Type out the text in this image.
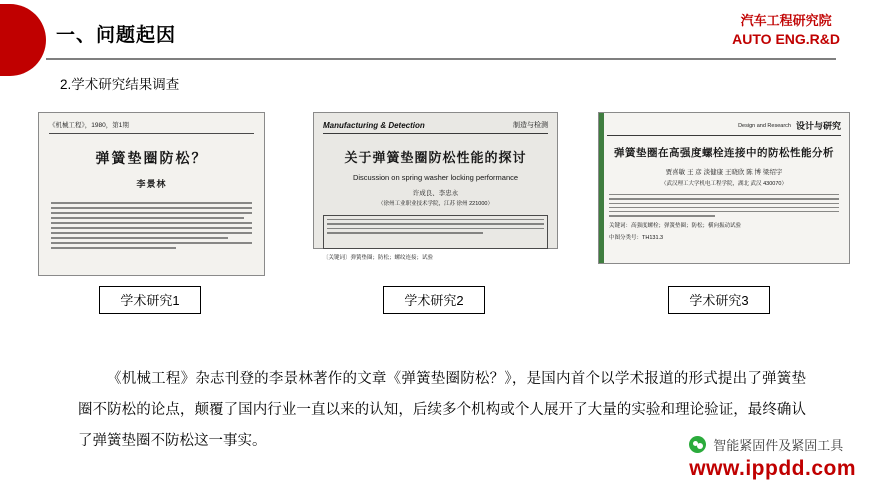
一、问题起因
汽车工程研究院
AUTO ENG.R&D
2.学术研究结果调查
《机械工程》，1980，第1期
弹簧垫圈防松？
李景林
Manufacturing & Detection	制造与检测
关于弹簧垫圈防松性能的探讨
Discussion on spring washer locking performance
许成良、李忠永
（徐州工业职业技术学院，江苏 徐州 221000）
〔关键词〕弹簧垫圈；防松；螺纹连接；试验
Design and Research 设计与研究
弹簧垫圈在高强度螺栓连接中的防松性能分析
贾喜敏 王 彦 淡健康 王晓欣 陈 博 梁绍宇
（武汉理工大学机电工程学院，湖北 武汉 430070）
关键词：高强度螺栓；弹簧垫圈；防松；横向振动试验
中图分类号：TH131.3
学术研究1	学术研究2	学术研究3
《机械工程》杂志刊登的李景林著作的文章《弹簧垫圈防松？》，是国内首个以学术报道的形式提出了弹簧垫圈不防松的论点，颠覆了国内行业一直以来的认知，后续多个机构或个人展开了大量的实验和理论验证，最终确认了弹簧垫圈不防松这一事实。	智能紧固件及紧固工具
www.ippdd.com
